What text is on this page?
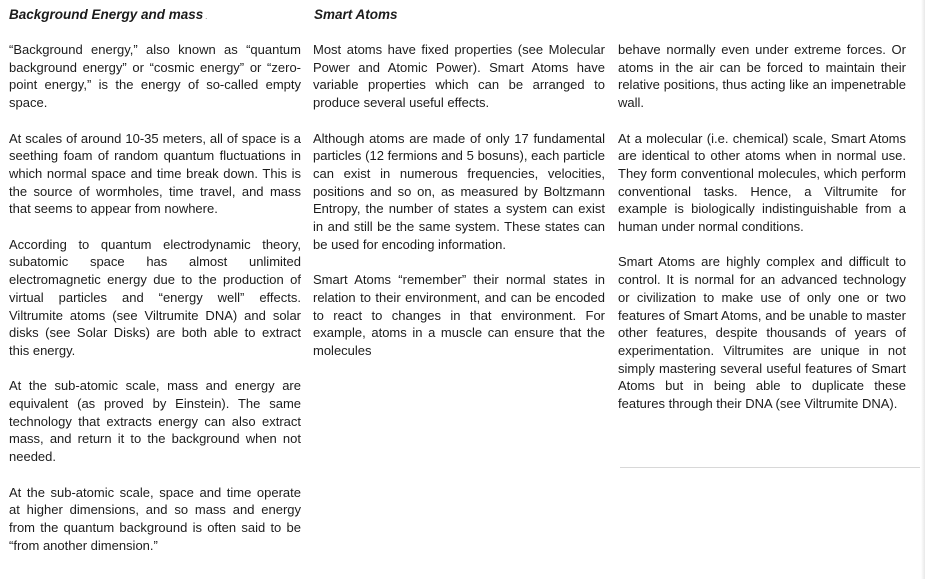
Background Energy and mass .	Smart Atoms

“Background energy,” also known as “quantum background energy” or “cosmic energy” or “zero-point energy,” is the energy of so-called empty space.

At scales of around 10-35 meters, all of space is a seething foam of random quantum fluctuations in which normal space and time break down. This is the source of wormholes, time travel, and mass that seems to appear from nowhere.

According to quantum electrodynamic theory, subatomic space has almost unlimited electromagnetic energy due to the production of virtual particles and “energy well” effects. Viltrumite atoms (see Viltrumite DNA) and solar disks (see Solar Disks) are both able to extract this energy.

At the sub-atomic scale, mass and energy are equivalent (as proved by Einstein). The same technology that extracts energy can also extract mass, and return it to the background when not needed.

At the sub-atomic scale, space and time operate at higher dimensions, and so mass and energy from the quantum background is often said to be “from another dimension.”

Most atoms have fixed properties (see Molecular Power and Atomic Power). Smart Atoms have variable properties which can be arranged to produce several useful effects.

Although atoms are made of only 17 fundamental particles (12 fermions and 5 bosuns), each particle can exist in numerous frequencies, velocities, positions and so on, as measured by Boltzmann Entropy, the number of states a system can exist in and still be the same system. These states can be used for encoding information.

Smart Atoms “remember” their normal states in relation to their environment, and can be encoded to react to changes in that environment. For example, atoms in a muscle can ensure that the molecules

behave normally even under extreme forces. Or atoms in the air can be forced to maintain their relative positions, thus acting like an impenetrable wall.

At a molecular (i.e. chemical) scale, Smart Atoms are identical to other atoms when in normal use. They form conventional molecules, which perform conventional tasks. Hence, a Viltrumite for example is biologically indistinguishable from a human under normal conditions.

Smart Atoms are highly complex and difficult to control. It is normal for an advanced technology or civilization to make use of only one or two features of Smart Atoms, and be unable to master other features, despite thousands of years of experimentation. Viltrumites are unique in not simply mastering several useful features of Smart Atoms but in being able to duplicate these features through their DNA (see Viltrumite DNA).
